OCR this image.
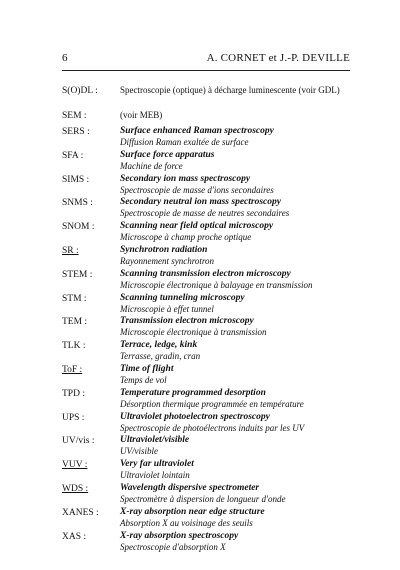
6	A. CORNET et J.-P. DEVILLE
S(O)DL :	Spectroscopie (optique) à décharge luminescente (voir GDL)
SEM :	(voir MEB)
SERS :	Surface enhanced Raman spectroscopy
Diffusion Raman exaltée de surface
SFA :	Surface force apparatus
Machine de force
SIMS :	Secondary ion mass spectroscopy
Spectroscopie de masse d'ions secondaires
SNMS :	Secondary neutral ion mass spectroscopy
Spectroscopie de masse de neutres secondaires
SNOM :	Scanning near field optical microscopy
Microscope à champ proche optique
SR :	Synchrotron radiation
Rayonnement synchrotron
STEM :	Scanning transmission electron microscopy
Microscopie électronique à balayage en transmission
STM :	Scanning tunneling microscopy
Microscopie à effet tunnel
TEM :	Transmission electron microscopy
Microscopie électronique à transmission
TLK :	Terrace, ledge, kink
Terrasse, gradin, cran
ToF :	Time of flight
Temps de vol
TPD :	Temperature programmed desorption
Désorption thermique programmée en température
UPS :	Ultraviolet photoelectron spectroscopy
Spectroscopie de photoélectrons induits par les UV
UV/vis :	Ultraviolet/visible
UV/visible
VUV :	Very far ultraviolet
Ultraviolet lointain
WDS :	Wavelength dispersive spectrometer
Spectromètre à dispersion de longueur d'onde
XANES :	X-ray absorption near edge structure
Absorption X au voisinage des seuils
XAS :	X-ray absorption spectroscopy
Spectroscopie d'absorption X
